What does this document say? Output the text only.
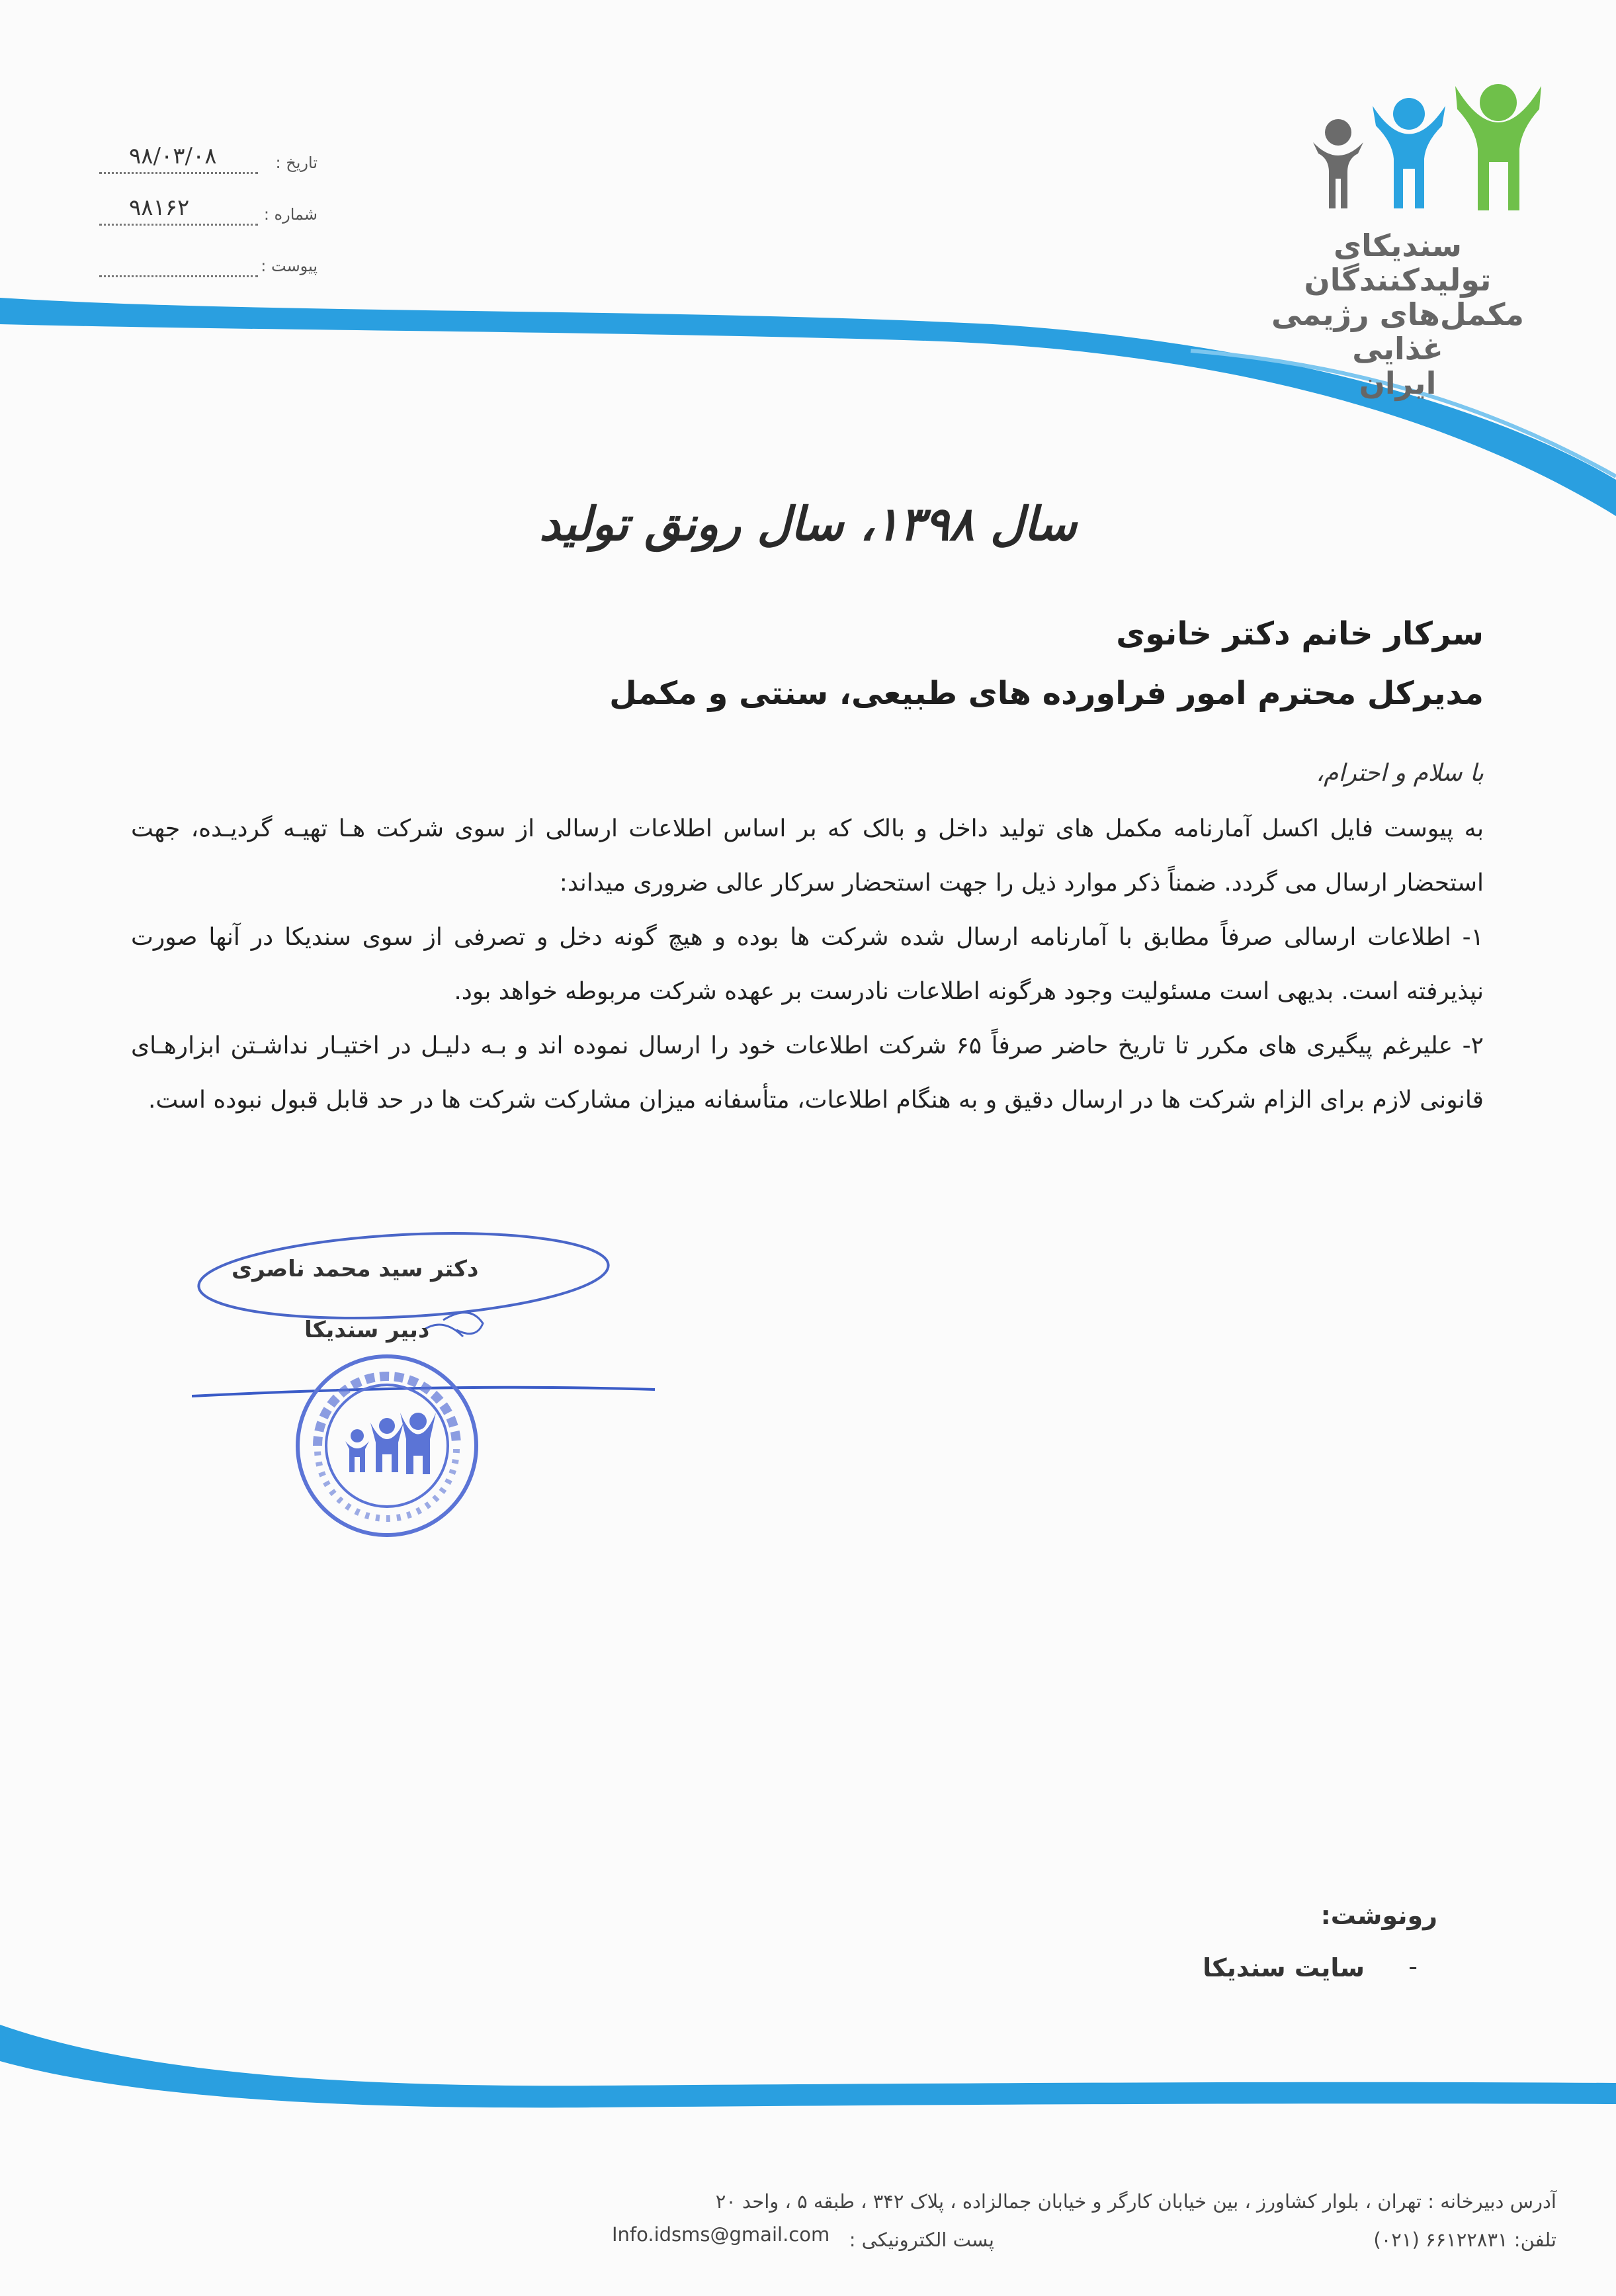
تاریخ :
۹۸/۰۳/۰۸
شماره :
۹۸۱۶۲
پیوست :
سندیکای تولیدکنندگان
مکمل‌های رژیمی غذایی
ایران
سال ۱۳۹۸، سال رونق تولید
سرکار خانم دکتر خانوی
مدیرکل محترم امور فراورده های طبیعی، سنتی و مکمل
با سلام و احترام،
به پیوست فایل اکسل آمارنامه مکمل های تولید داخل و بالک که بر اساس اطلاعات ارسالی از سوی شرکت هـا تهیـه گردیـده، جهت استحضار ارسال می گردد. ضمناً ذکر موارد ذیل را جهت استحضار سرکار عالی ضروری میداند:
۱- اطلاعات ارسالی صرفاً مطابق با آمارنامه ارسال شده شرکت ها بوده و هیچ گونه دخل و تصرفی از سوی سندیکا در آنها صورت نپذیرفته است. بدیهی است مسئولیت وجود هرگونه اطلاعات نادرست بر عهده شرکت مربوطه خواهد بود.
۲- علیرغم پیگیری های مکرر تا تاریخ حاضر صرفاً ۶۵ شرکت اطلاعات خود را ارسال نموده اند و بـه دلیـل در اختیـار نداشـتن ابزارهـای قانونی لازم برای الزام شرکت ها در ارسال دقیق و به هنگام اطلاعات، متأسفانه میزان مشارکت شرکت ها در حد قابل قبول نبوده است.
دکتر سید محمد ناصری
دبیر سندیکا
رونوشت:
-
سایت سندیکا
آدرس دبیرخانه : تهران ، بلوار کشاورز ، بین خیابان کارگر و خیابان جمالزاده ، پلاک ۳۴۲ ، طبقه ۵ ، واحد ۲۰
تلفن: ۶۶۱۲۲۸۳۱ (۰۲۱)
پست الکترونیکی :
Info.idsms@gmail.com
